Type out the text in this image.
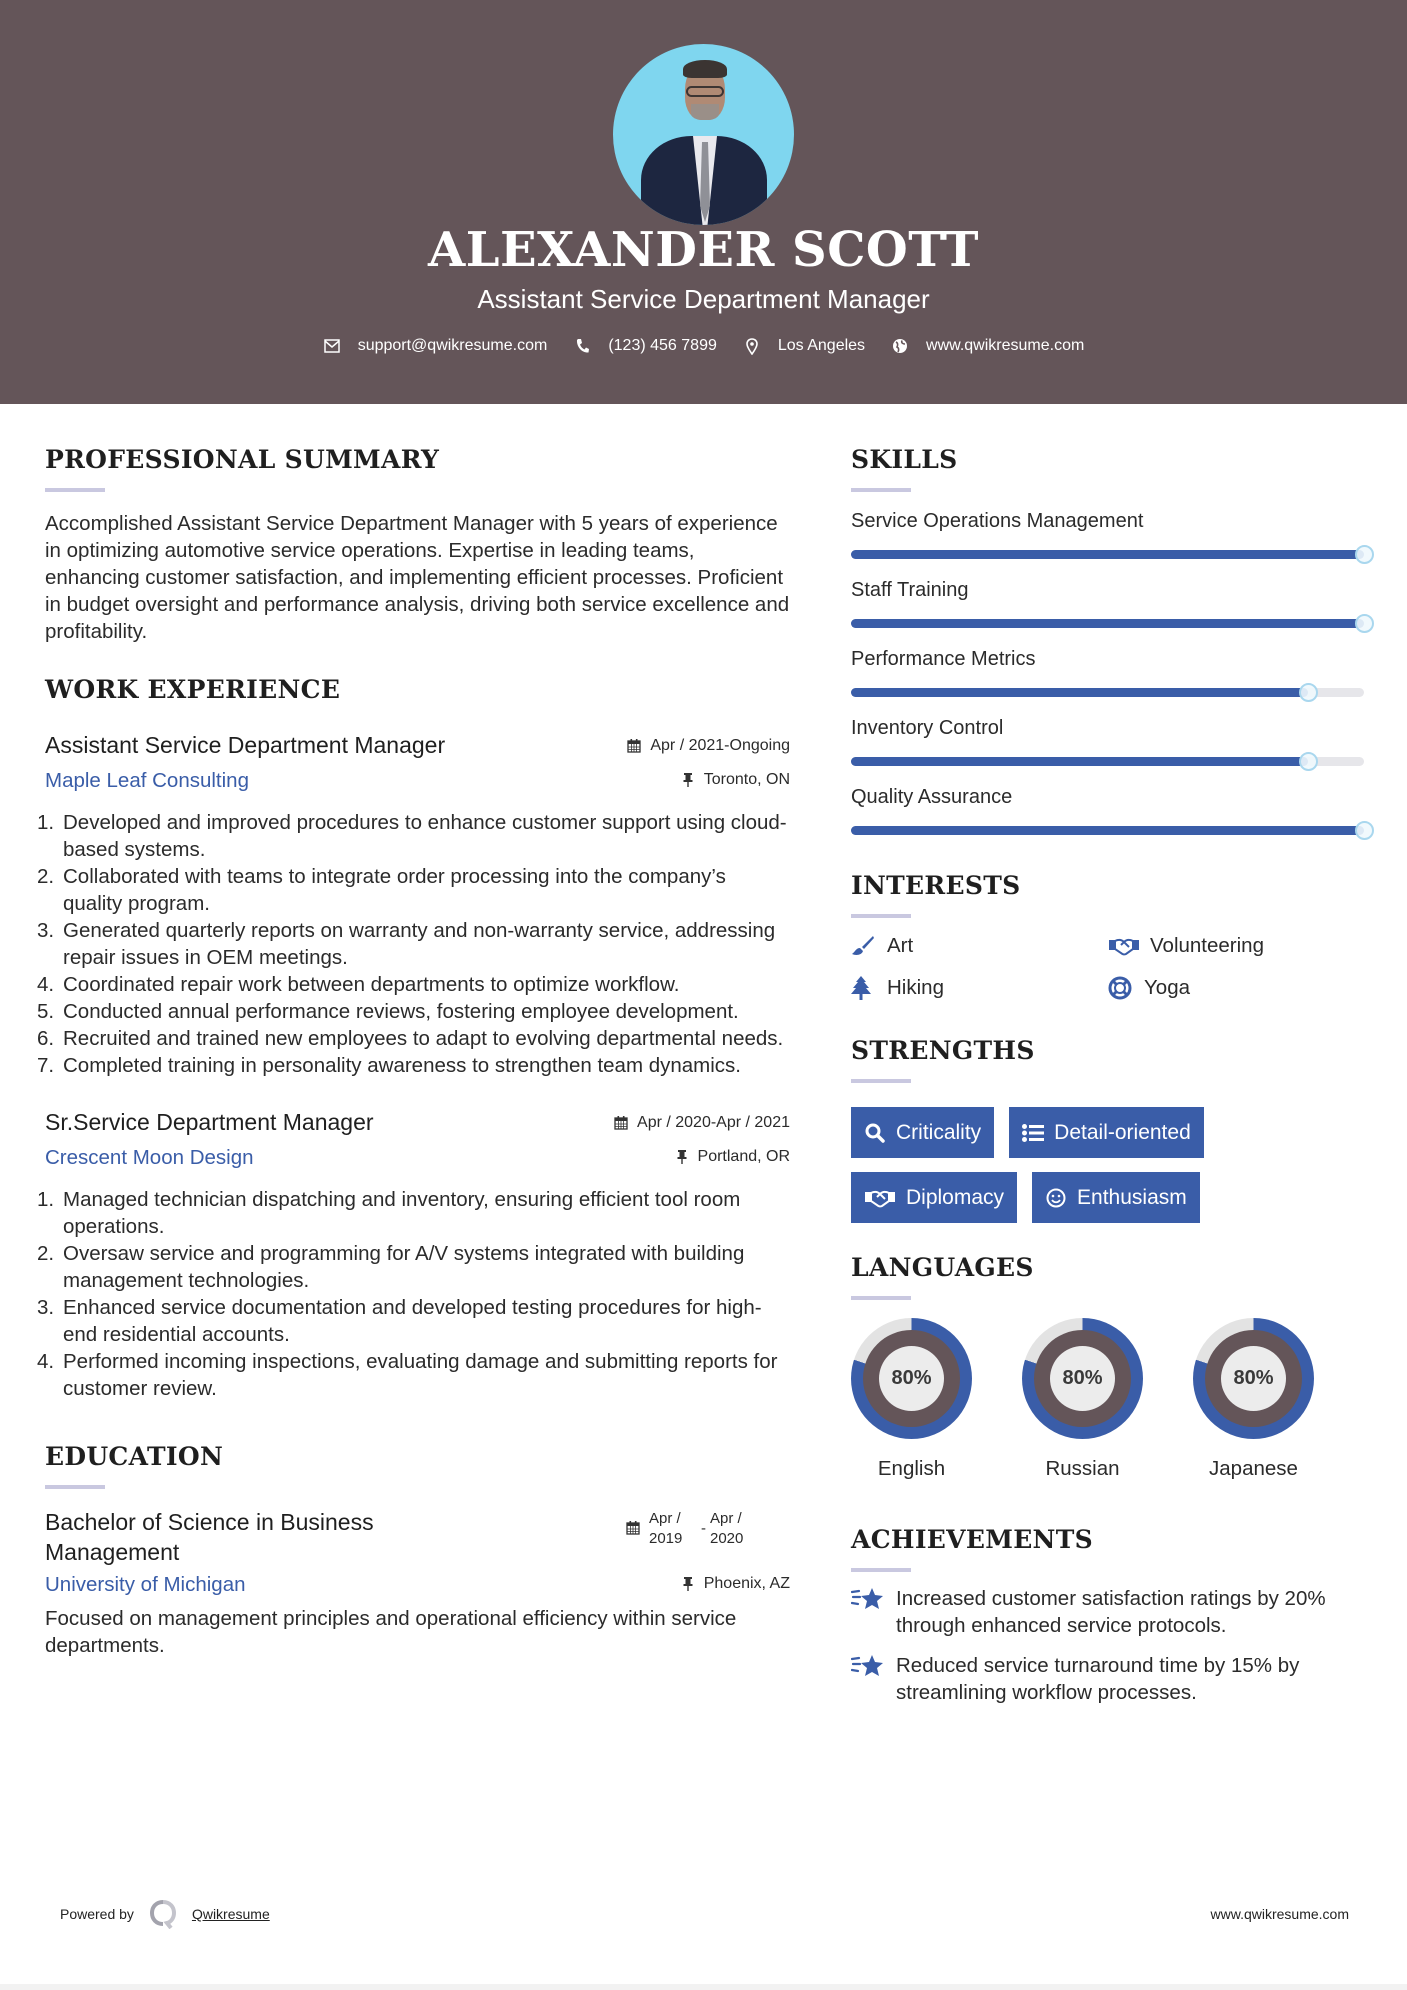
ALEXANDER SCOTT
Assistant Service Department Manager
support@qwikresume.com	(123) 456 7899	Los Angeles	www.qwikresume.com
PROFESSIONAL SUMMARY

Accomplished Assistant Service Department Manager with 5 years of experience in optimizing automotive service operations. Expertise in leading teams, enhancing customer satisfaction, and implementing efficient processes. Proficient in budget oversight and performance analysis, driving both service excellence and profitability.

WORK EXPERIENCE
Assistant Service Department Manager	Apr / 2021-Ongoing
Maple Leaf Consulting	Toronto, ON
1. Developed and improved procedures to enhance customer support using cloud-based systems.
2. Collaborated with teams to integrate order processing into the company’s quality program.
3. Generated quarterly reports on warranty and non-warranty service, addressing repair issues in OEM meetings.
4. Coordinated repair work between departments to optimize workflow.
5. Conducted annual performance reviews, fostering employee development.
6. Recruited and trained new employees to adapt to evolving departmental needs.
7. Completed training in personality awareness to strengthen team dynamics.
Sr.Service Department Manager	Apr / 2020-Apr / 2021
Crescent Moon Design	Portland, OR
1. Managed technician dispatching and inventory, ensuring efficient tool room operations.
2. Oversaw service and programming for A/V systems integrated with building management technologies.
3. Enhanced service documentation and developed testing procedures for high-end residential accounts.
4. Performed incoming inspections, evaluating damage and submitting reports for customer review.
EDUCATION
Bachelor of Science in Business Management
Apr / 2019
-
Apr / 2020
University of Michigan	Phoenix, AZ

Focused on management principles and operational efficiency within service departments.

SKILLS
Service Operations Management
Staff Training
Performance Metrics
Inventory Control
Quality Assurance
INTERESTS
Art	Volunteering
Hiking	Yoga
STRENGTHS
Criticality	Detail-oriented
Diplomacy	Enthusiasm
LANGUAGES
80%
English
80%
Russian
80%
Japanese
ACHIEVEMENTS
Increased customer satisfaction ratings by 20% through enhanced service protocols.
Reduced service turnaround time by 15% by streamlining workflow processes.
Powered by	Qwikresume	www.qwikresume.com
